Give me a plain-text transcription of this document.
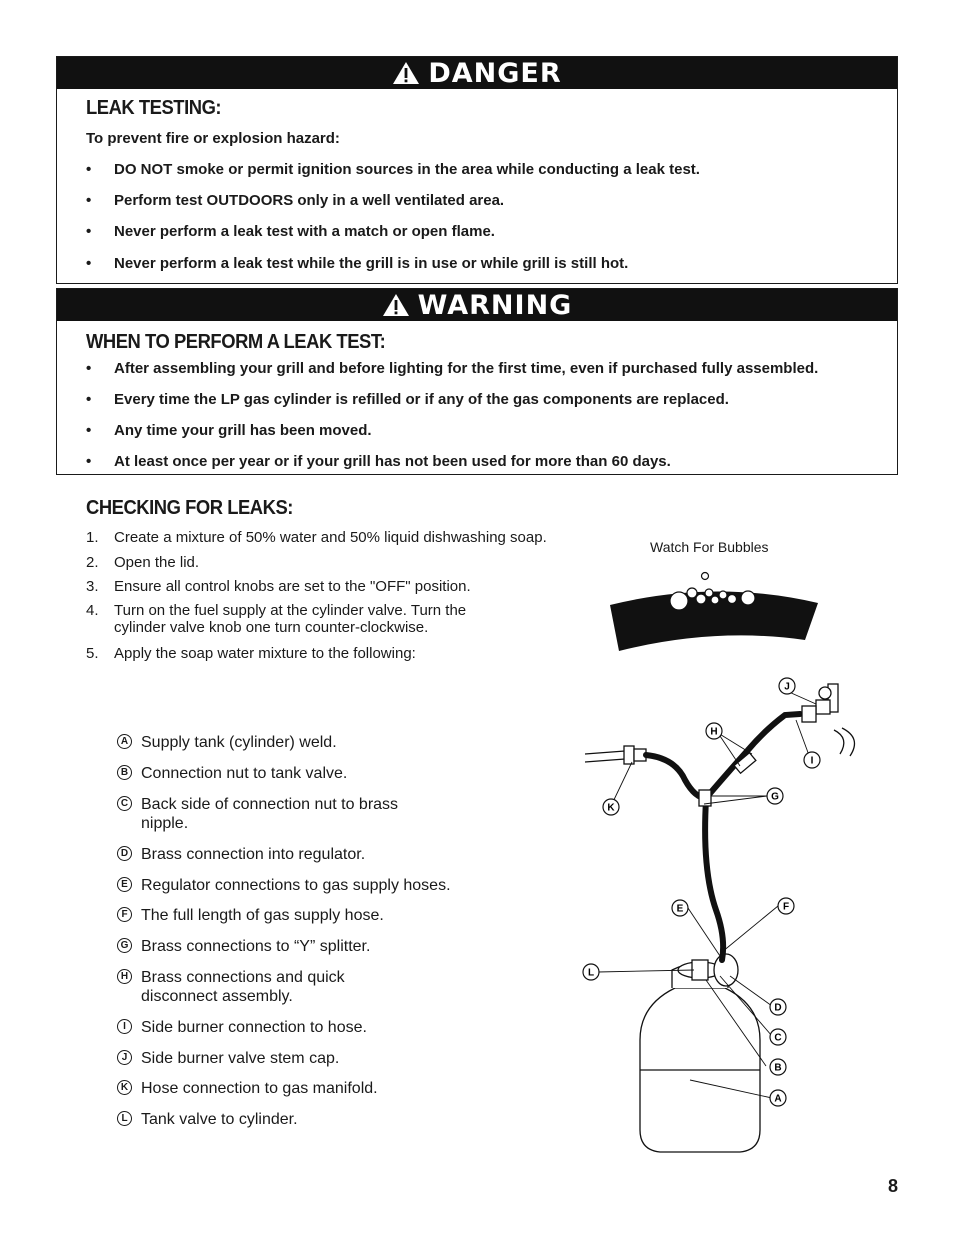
DANGER
LEAK TESTING:
To prevent fire or explosion hazard:
• DO NOT smoke or permit ignition sources in the area while conducting a leak test.
• Perform test OUTDOORS only in a well ventilated area.
• Never perform a leak test with a match or open flame.
• Never perform a leak test while the grill is in use or while grill is still hot.
WARNING
WHEN TO PERFORM A LEAK TEST:
• After assembling your grill and before lighting for the first time, even if purchased fully assembled.
• Every time the LP gas cylinder is refilled or if any of the gas components are replaced.
• Any time your grill has been moved.
• At least once per year or if your grill has not been used for more than 60 days.
CHECKING FOR LEAKS:
1. Create a mixture of 50% water and 50% liquid dishwashing soap.
2. Open the lid.
3. Ensure all control knobs are set to the "OFF" position.
4. Turn on the fuel supply at the cylinder valve. Turn the
cylinder valve knob one turn counter-clockwise.
5. Apply the soap water mixture to the following:
A Supply tank (cylinder) weld.
B Connection nut to tank valve.
C Back side of connection nut to brass
nipple.
D Brass connection into regulator.
E Regulator connections to gas supply hoses.
F The full length of gas supply hose.
G Brass connections to “Y” splitter.
H Brass connections and quick
disconnect assembly.
I Side burner connection to hose.
J Side burner valve stem cap.
K Hose connection to gas manifold.
L Tank valve to cylinder.
Watch For Bubbles
J
H
I
K
G
E	F
L
D
C
B
A
8
